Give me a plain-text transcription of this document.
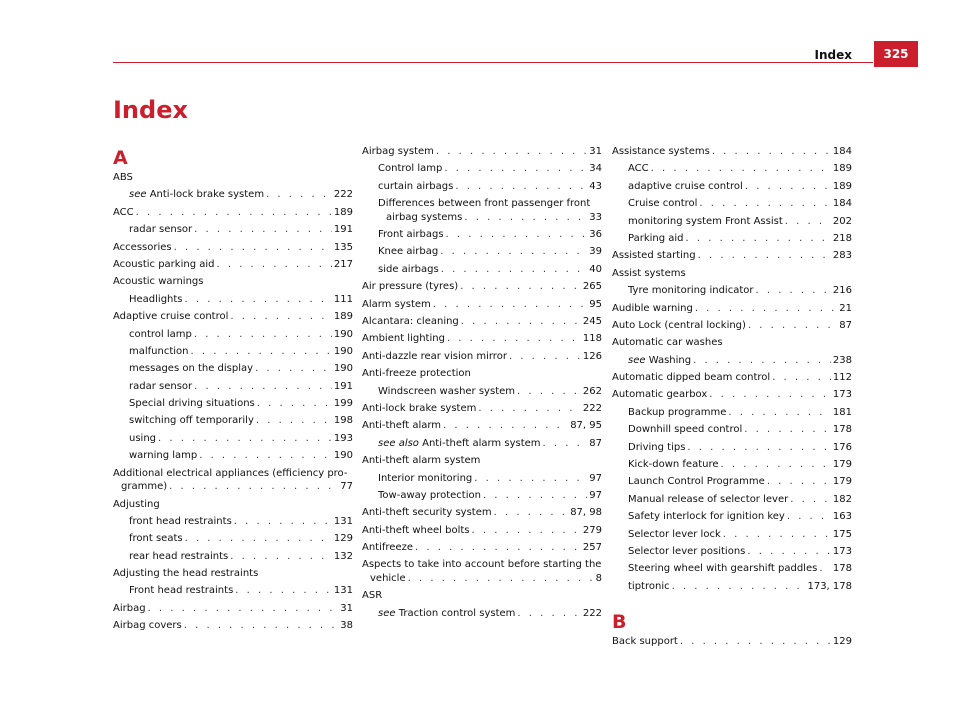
Index	325
Index
A
ABS
see Anti-lock brake system . . .	222
ACC . . .	189
radar sensor . . .	191
Accessories . . .	135
Acoustic parking aid . . .	217
Acoustic warnings
Headlights . . .	111
Adaptive cruise control . . .	189
control lamp . . .	190
malfunction . . .	190
messages on the display . . .	190
radar sensor . . .	191
Special driving situations . . .	199
switching off temporarily . . .	198
using . . .	193
warning lamp . . .	190
Additional electrical appliances (efficiency pro-
gramme) . . .	77
Adjusting
front head restraints . . .	131
front seats . . .	129
rear head restraints . . .	132
Adjusting the head restraints
Front head restraints . . .	131
Airbag . . .	31
Airbag covers . . .	38
Airbag system . . .	31
Control lamp . . .	34
curtain airbags . . .	43
Differences between front passenger front
airbag systems . . .	33
Front airbags . . .	36
Knee airbag . . .	39
side airbags . . .	40
Air pressure (tyres) . . .	265
Alarm system . . .	95
Alcantara: cleaning . . .	245
Ambient lighting . . .	118
Anti-dazzle rear vision mirror . . .	126
Anti-freeze protection
Windscreen washer system . . .	262
Anti-lock brake system . . .	222
Anti-theft alarm . . .	87, 95
see also Anti-theft alarm system . . .	87
Anti-theft alarm system
Interior monitoring . . .	97
Tow-away protection . . .	97
Anti-theft security system . . .	87, 98
Anti-theft wheel bolts . . .	279
Antifreeze . . .	257
Aspects to take into account before starting the
vehicle . . .	8
ASR
see Traction control system . . .	222
Assistance systems . . .	184
ACC . . .	189
adaptive cruise control . . .	189
Cruise control . . .	184
monitoring system Front Assist . . .	202
Parking aid . . .	218
Assisted starting . . .	283
Assist systems
Tyre monitoring indicator . . .	216
Audible warning . . .	21
Auto Lock (central locking) . . .	87
Automatic car washes
see Washing . . .	238
Automatic dipped beam control . . .	112
Automatic gearbox . . .	173
Backup programme . . .	181
Downhill speed control . . .	178
Driving tips . . .	176
Kick-down feature . . .	179
Launch Control Programme . . .	179
Manual release of selector lever . . .	182
Safety interlock for ignition key . . .	163
Selector lever lock . . .	175
Selector lever positions . . .	173
Steering wheel with gearshift paddles . . . 178
tiptronic . . .	173, 178
B
Back support . . .	129
